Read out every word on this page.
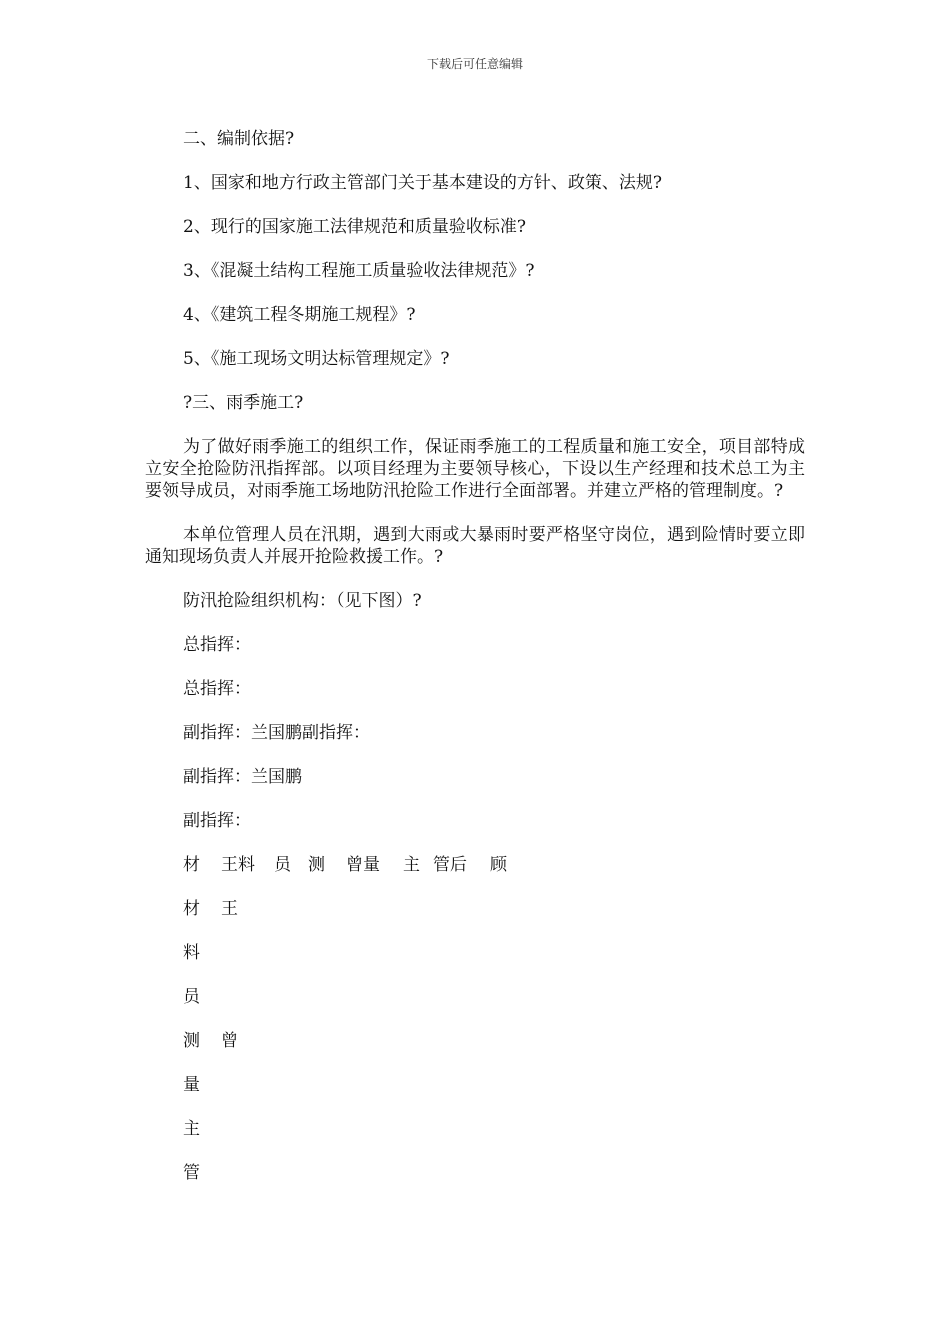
下载后可任意编辑

二、编制依据?

1、国家和地方行政主管部门关于基本建设的方针、政策、法规?

2、现行的国家施工法律规范和质量验收标准?

3、《混凝土结构工程施工质量验收法律规范》?

4、《建筑工程冬期施工规程》?

5、《施工现场文明达标管理规定》?

?三、雨季施工?

为了做好雨季施工的组织工作，保证雨季施工的工程质量和施工安全，项目部特成立安全抢险防汛指挥部。以项目经理为主要领导核心，下设以生产经理和技术总工为主要领导成员，对雨季施工场地防汛抢险工作进行全面部署。并建立严格的管理制度。?

本单位管理人员在汛期，遇到大雨或大暴雨时要严格坚守岗位，遇到险情时要立即通知现场负责人并展开抢险救援工作。?

防汛抢险组织机构：（见下图）?

总指挥：

总指挥：

副指挥：兰国鹏副指挥：

副指挥：兰国鹏

副指挥：

材 王料 员 测 曾量 主 管后 顾

材 王

料

员

测 曾

量

主

管
